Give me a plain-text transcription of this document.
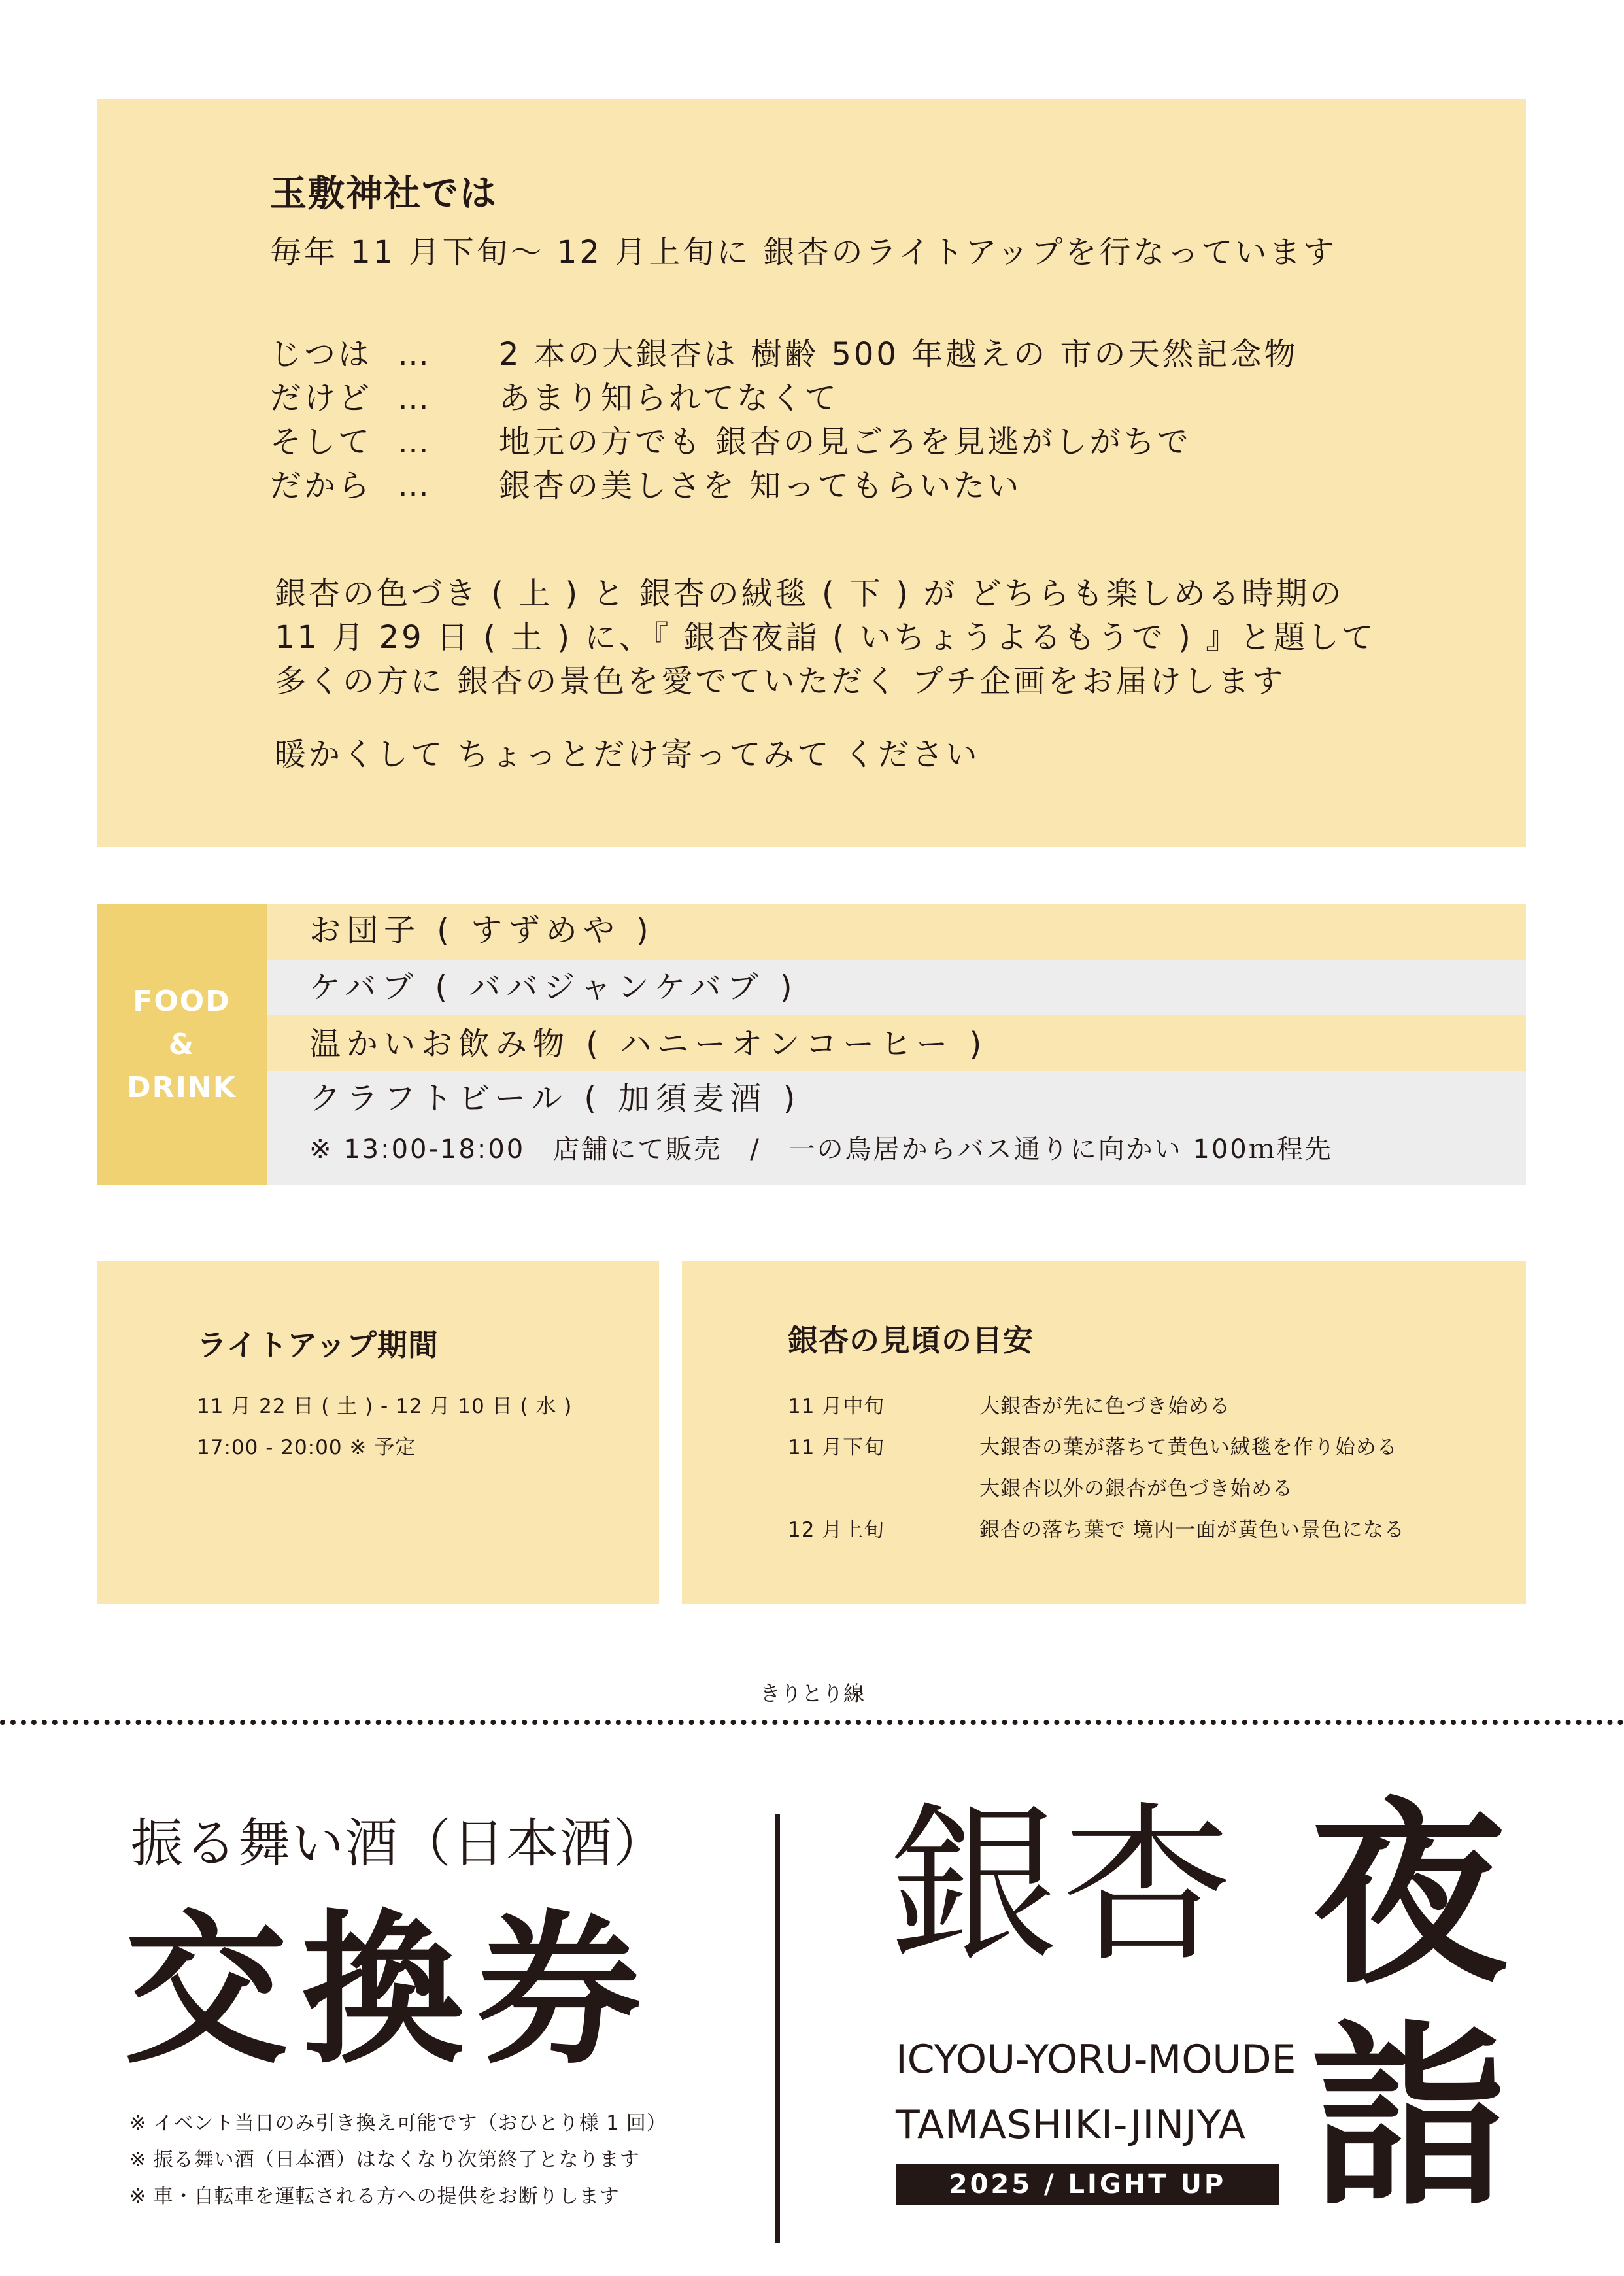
玉敷神社では
毎年 11 月下旬〜 12 月上旬に 銀杏のライトアップを行なっています
じつは … 2 本の大銀杏は 樹齢 500 年越えの 市の天然記念物
だけど … あまり知られてなくて
そして … 地元の方でも 銀杏の見ごろを見逃がしがちで
だから … 銀杏の美しさを 知ってもらいたい
銀杏の色づき ( 上 ) と 銀杏の絨毯 ( 下 ) が どちらも楽しめる時期の
11 月 29 日 ( 土 ) に、『 銀杏夜詣 ( いちょうよるもうで ) 』と題して
多くの方に 銀杏の景色を愛でていただく プチ企画をお届けします
暖かくして ちょっとだけ寄ってみて ください
FOOD
&
DRINK
お団子 ( すずめや )
ケバブ ( ババジャンケバブ )
温かいお飲み物 ( ハニーオンコーヒー )
クラフトビール ( 加須麦酒 )
※ 13:00-18:00　店舗にて販売　/　一の鳥居からバス通りに向かい 100ｍ程先
ライトアップ期間
11 月 22 日 ( 土 ) - 12 月 10 日 ( 水 )
17:00 - 20:00 ※ 予定
銀杏の見頃の目安
11 月中旬	大銀杏が先に色づき始める
11 月下旬	大銀杏の葉が落ちて黄色い絨毯を作り始める
大銀杏以外の銀杏が色づき始める
12 月上旬	銀杏の落ち葉で 境内一面が黄色い景色になる
きりとり線
振る舞い酒（日本酒）
交換券
※ イベント当日のみ引き換え可能です（おひとり様 1 回）
※ 振る舞い酒（日本酒）はなくなり次第終了となります
※ 車・自転車を運転される方への提供をお断りします
銀杏
ICYOU-YORU-MOUDE
TAMASHIKI-JINJYA
2025 / LIGHT UP
夜
詣
